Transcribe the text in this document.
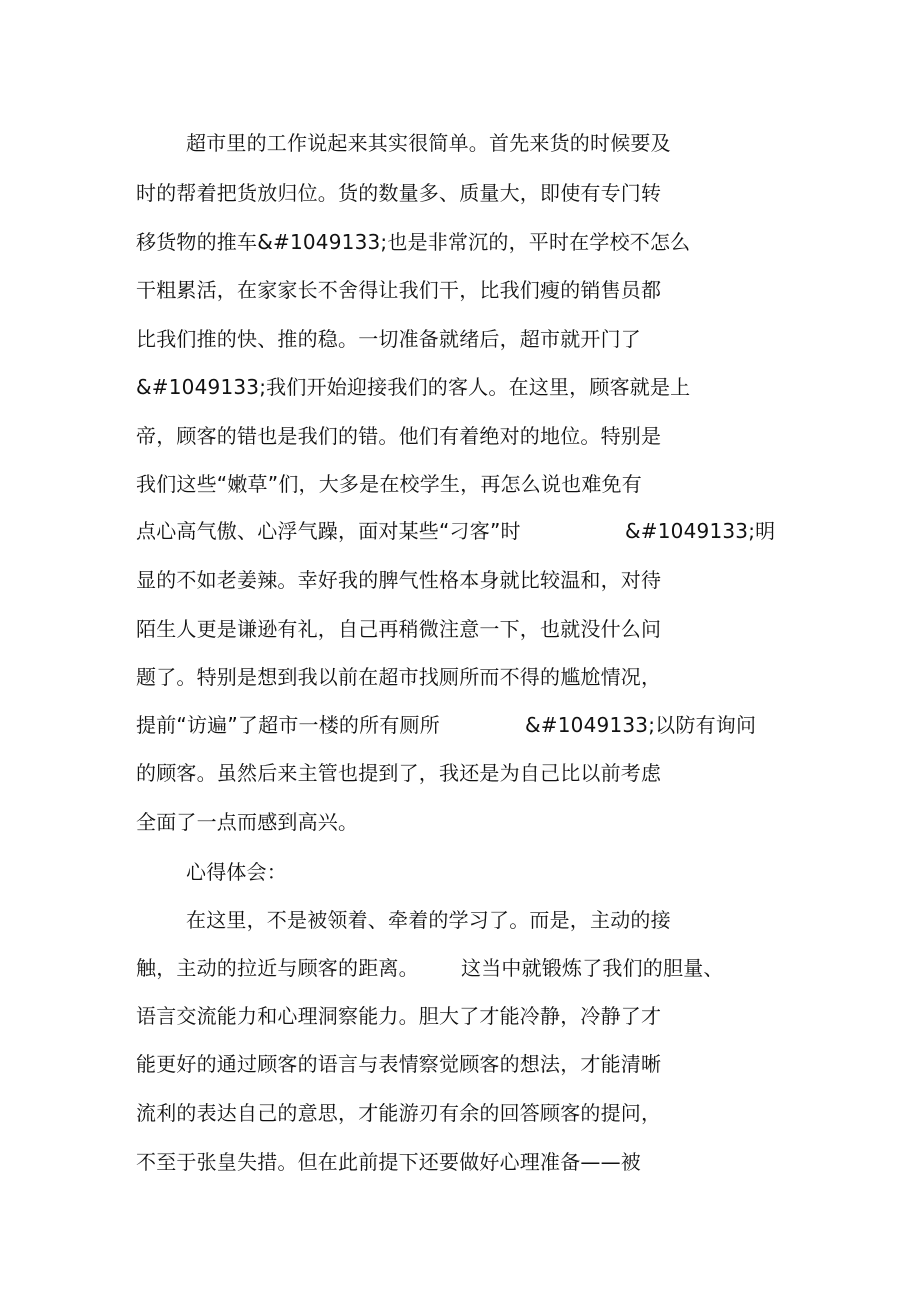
超市里的工作说起来其实很简单。首先来货的时候要及
时的帮着把货放归位。货的数量多、质量大，即使有专门转
移货物的推车&#1049133;也是非常沉的，平时在学校不怎么
干粗累活，在家家长不舍得让我们干，比我们瘦的销售员都
比我们推的快、推的稳。一切准备就绪后，超市就开门了
&#1049133;我们开始迎接我们的客人。在这里，顾客就是上
帝，顾客的错也是我们的错。他们有着绝对的地位。特别是
我们这些“嫩草”们，大多是在校学生，再怎么说也难免有
点心高气傲、心浮气躁，面对某些“刁客”时	&#1049133;明
显的不如老姜辣。幸好我的脾气性格本身就比较温和，对待
陌生人更是谦逊有礼，自己再稍微注意一下，也就没什么问
题了。特别是想到我以前在超市找厕所而不得的尴尬情况，
提前“访遍”了超市一楼的所有厕所	&#1049133;以防有询问
的顾客。虽然后来主管也提到了，我还是为自己比以前考虑
全面了一点而感到高兴。
心得体会：
在这里，不是被领着、牵着的学习了。而是，主动的接
触，主动的拉近与顾客的距离。 这当中就锻炼了我们的胆量、
语言交流能力和心理洞察能力。胆大了才能冷静，冷静了才
能更好的通过顾客的语言与表情察觉顾客的想法，才能清晰
流利的表达自己的意思，才能游刃有余的回答顾客的提问，
不至于张皇失措。但在此前提下还要做好心理准备——被
